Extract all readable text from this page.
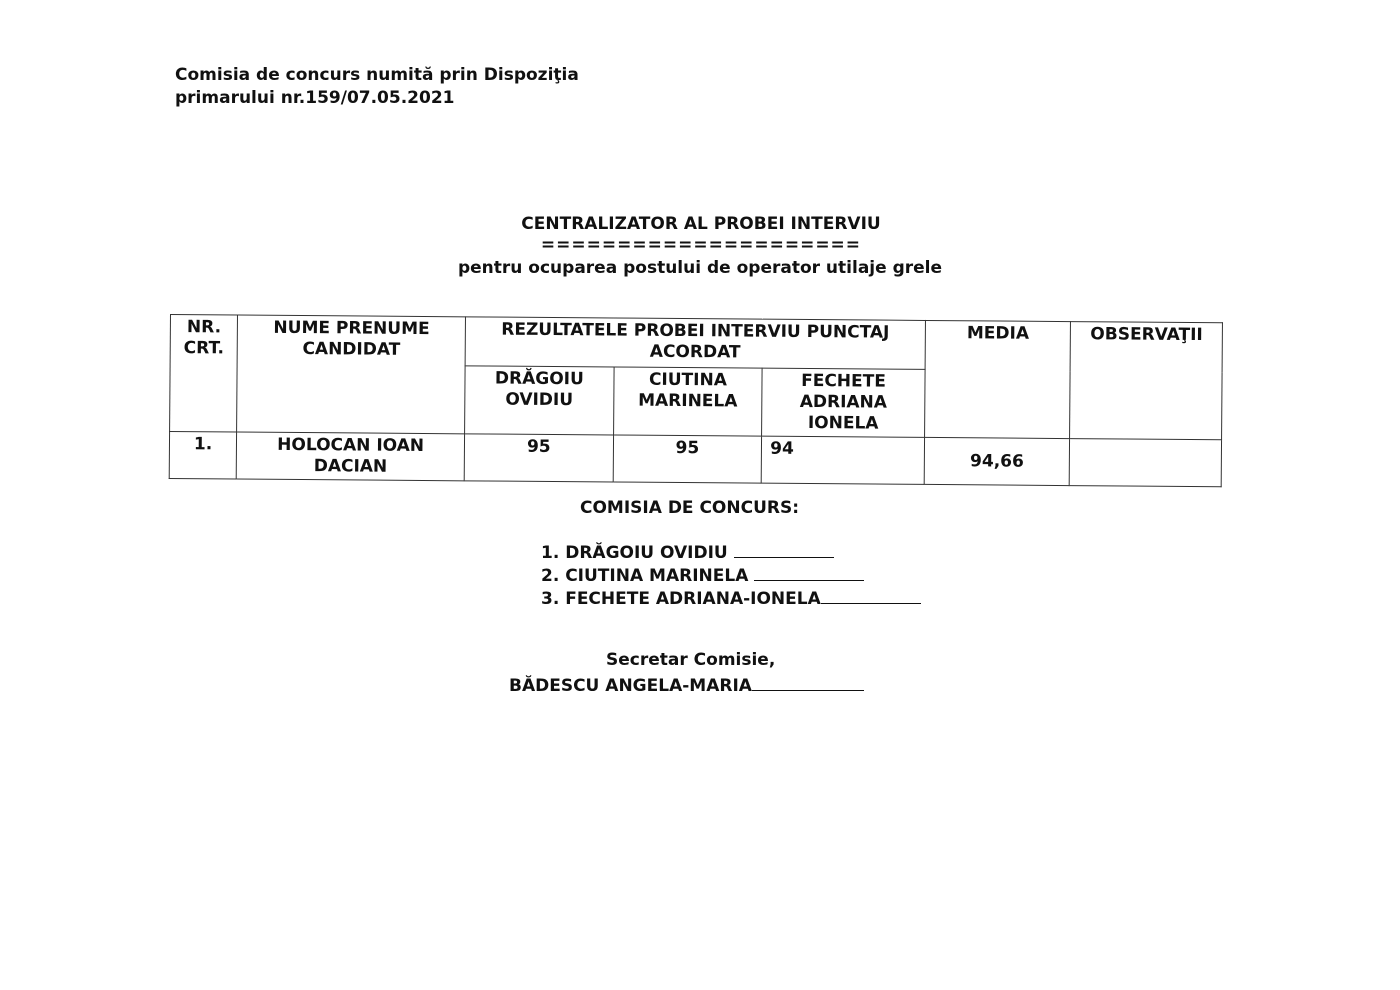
Comisia de concurs numită prin Dispoziţia
primarului nr.159/07.05.2021
CENTRALIZATOR AL PROBEI INTERVIU
=====================
pentru ocuparea postului de operator utilaje grele
NR. CRT.	NUME PRENUME CANDIDAT	REZULTATELE PROBEI INTERVIU PUNCTAJ ACORDAT			MEDIA	OBSERVAŢII
		DRĂGOIU OVIDIU	CIUTINA MARINELA	FECHETE ADRIANA IONELA		
1.	HOLOCAN IOAN DACIAN	95	95	94	94,66	
COMISIA DE CONCURS:
1. DRĂGOIU OVIDIU
2. CIUTINA MARINELA
3. FECHETE ADRIANA-IONELA
Secretar Comisie,
BĂDESCU ANGELA-MARIA
